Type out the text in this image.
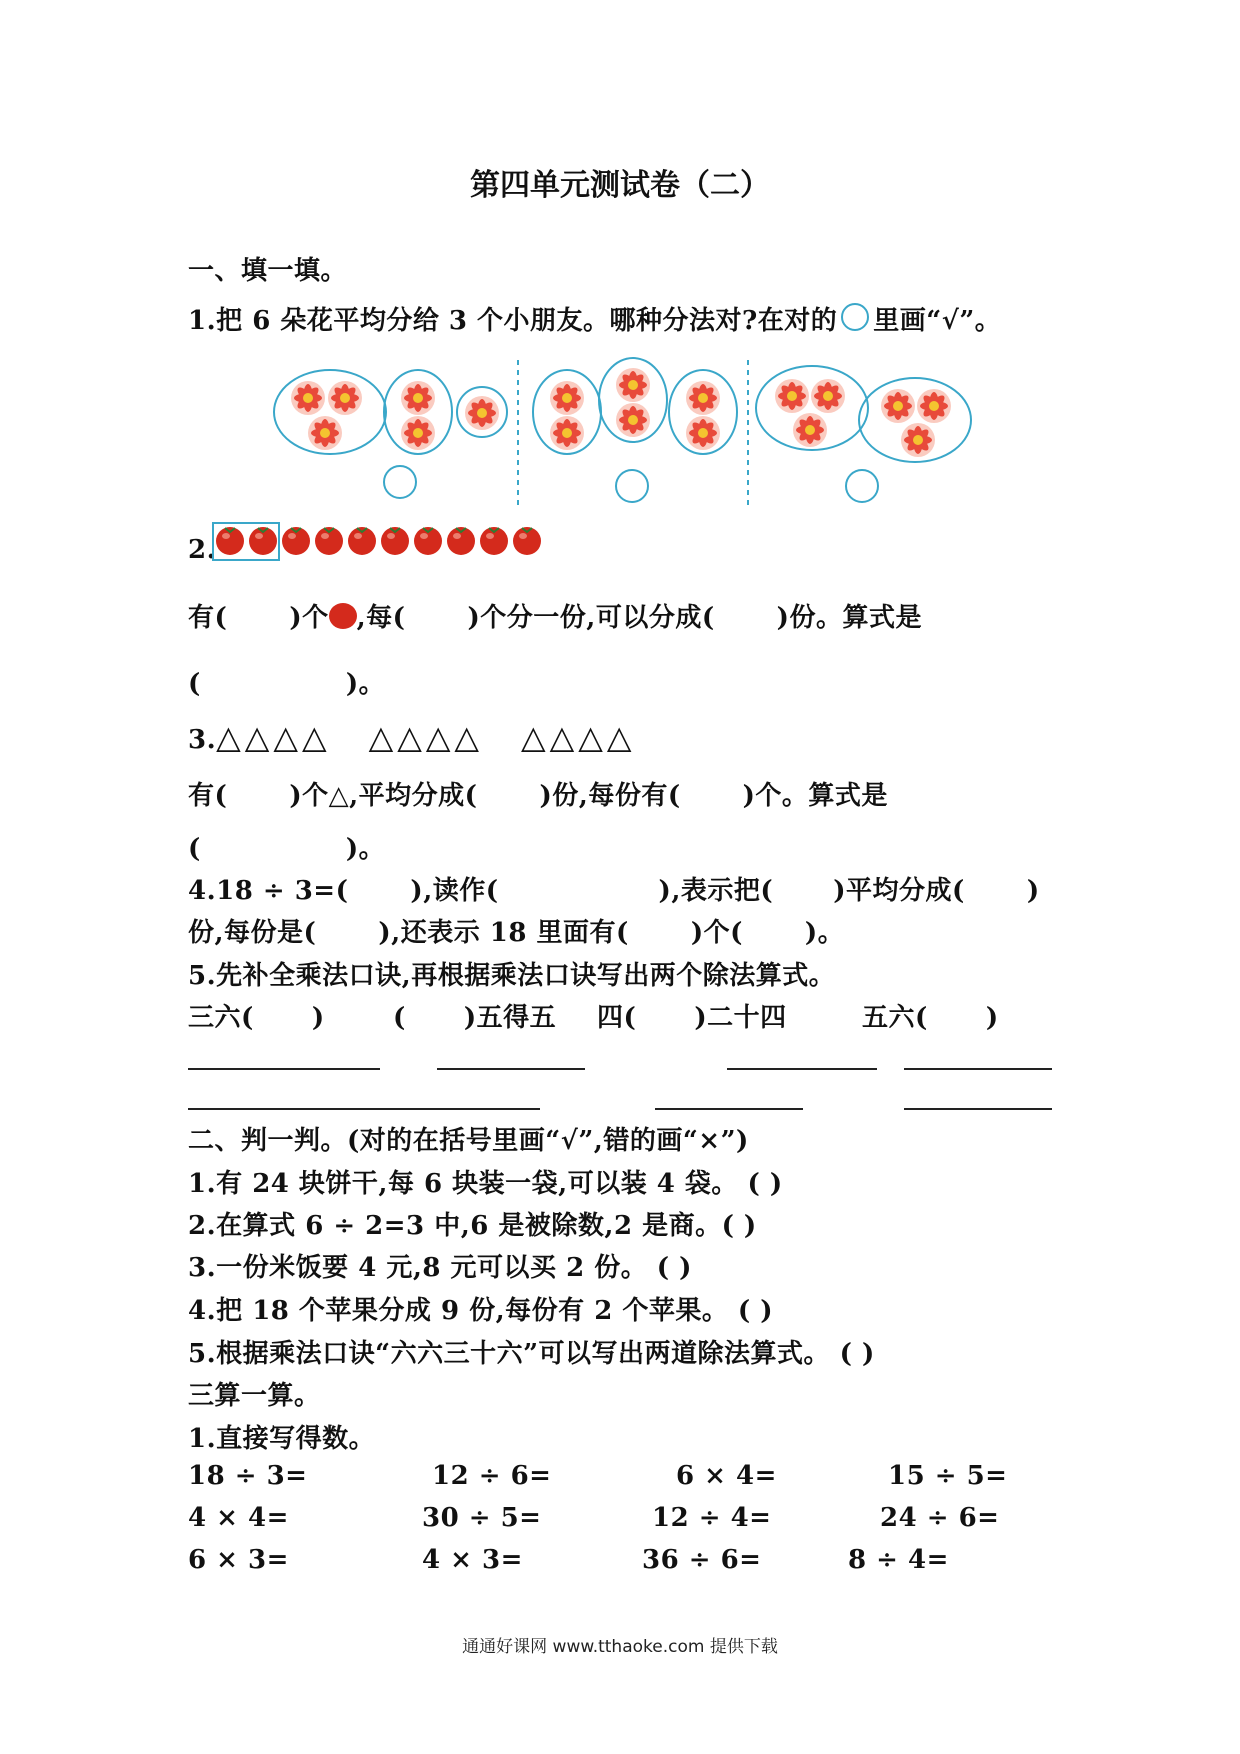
第四单元测试卷（二）
一、填一填。
1.把 6 朵花平均分给 3 个小朋友。哪种分法对?在对的 里画“√”。
2.
有( )个 ,每( )个分一份,可以分成( )份。算式是
(	)。
3.△△△△ △△△△ △△△△
有( )个△,平均分成( )份,每份有( )个。算式是
(	)。
4.18 ÷ 3=( ),读作(	),表示把( )平均分成( )
份,每份是( ),还表示 18 里面有( )个( )。
5.先补全乘法口诀,再根据乘法口诀写出两个除法算式。
三六( )	( )五得五 四( )二十四	五六( )
二、判一判。(对的在括号里画“√”,错的画“×”)
1.有 24 块饼干,每 6 块装一袋,可以装 4 袋。 ( )
2.在算式 6 ÷ 2=3 中,6 是被除数,2 是商。( )
3.一份米饭要 4 元,8 元可以买 2 份。 ( )
4.把 18 个苹果分成 9 份,每份有 2 个苹果。 ( )
5.根据乘法口诀“六六三十六”可以写出两道除法算式。 ( )
三算一算。
1.直接写得数。
18 ÷ 3=	12 ÷ 6=	6 × 4=	15 ÷ 5=
4 × 4=	30 ÷ 5=	12 ÷ 4=	24 ÷ 6=
6 × 3=	4 × 3=	36 ÷ 6=	8 ÷ 4=
通通好课网 www.tthaoke.com 提供下载
